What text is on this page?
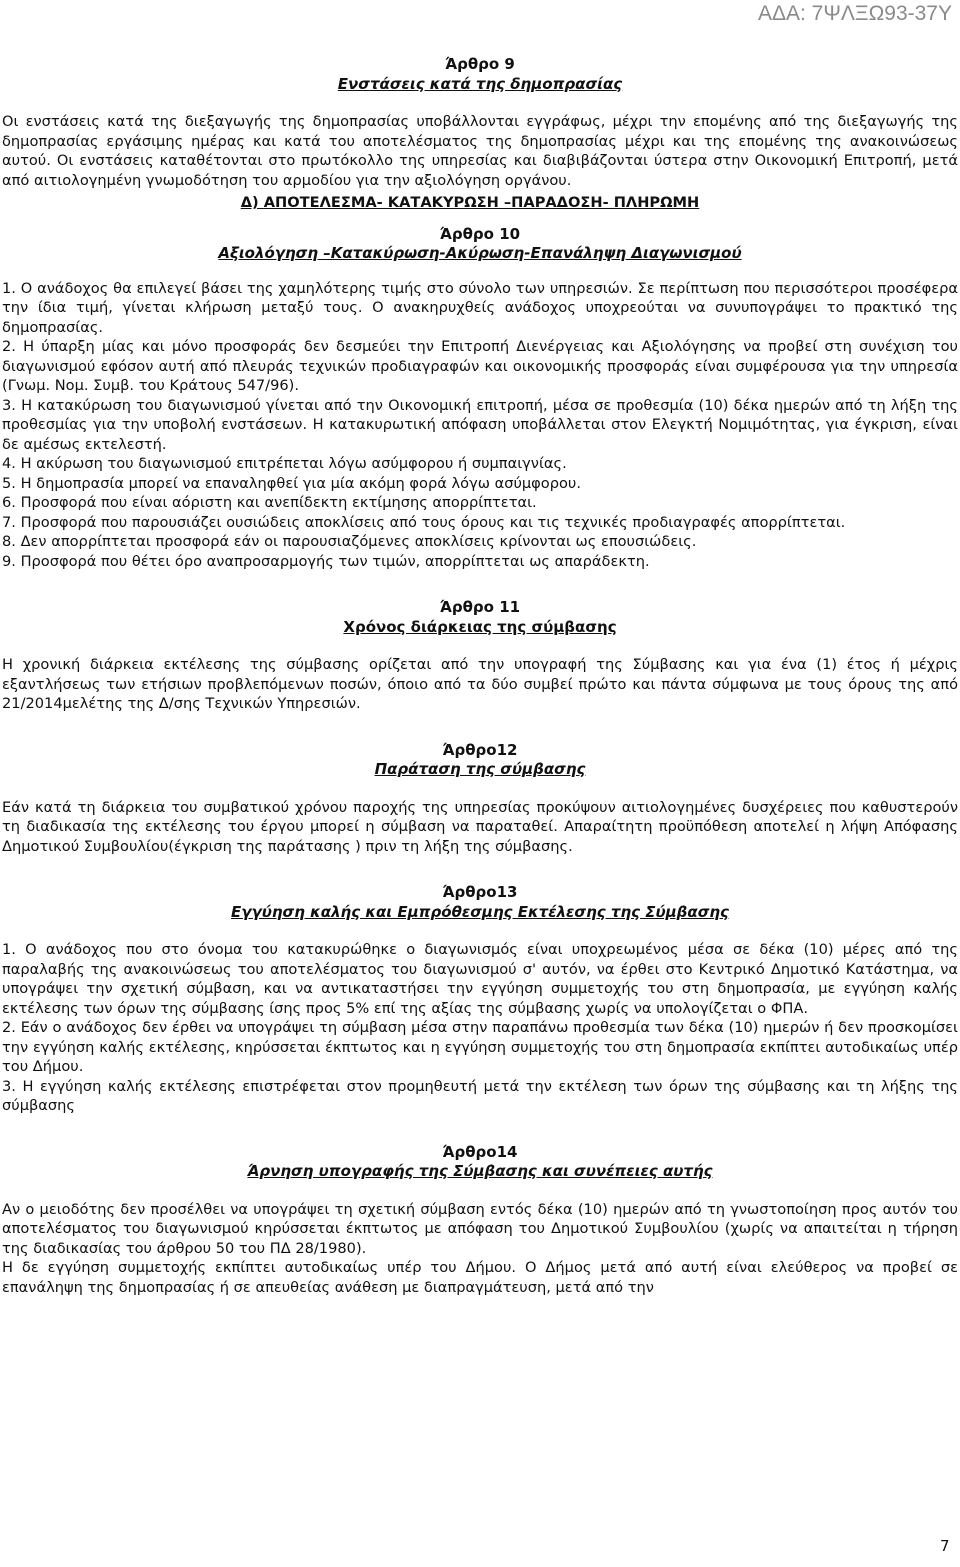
ΑΔΑ: 7ΨΛΞΩ93-37Υ
Άρθρο 9
Ενστάσεις κατά της δημοπρασίας

Οι ενστάσεις κατά της διεξαγωγής της δημοπρασίας υποβάλλονται εγγράφως, μέχρι την επομένης από της διεξαγωγής της δημοπρασίας εργάσιμης ημέρας και κατά του αποτελέσματος της δημοπρασίας μέχρι και της επομένης της ανακοινώσεως αυτού. Οι ενστάσεις καταθέτονται στο πρωτόκολλο της υπηρεσίας και διαβιβάζονται ύστερα στην Οικονομική Επιτροπή, μετά από αιτιολογημένη γνωμοδότηση του αρμοδίου για την αξιολόγηση οργάνου.

Δ) ΑΠΟΤΕΛΕΣΜΑ- ΚΑΤΑΚΥΡΩΣΗ –ΠΑΡΑΔΟΣΗ- ΠΛΗΡΩΜΗ
Άρθρο 10
Αξιολόγηση –Κατακύρωση-Ακύρωση-Επανάληψη Διαγωνισμού

1. Ο ανάδοχος θα επιλεγεί βάσει της χαμηλότερης τιμής στο σύνολο των υπηρεσιών. Σε περίπτωση που περισσότεροι προσέφερα την ίδια τιμή, γίνεται κλήρωση μεταξύ τους. Ο ανακηρυχθείς ανάδοχος υποχρεούται να συνυπογράψει το πρακτικό της δημοπρασίας.

2. Η ύπαρξη μίας και μόνο προσφοράς δεν δεσμεύει την Επιτροπή Διενέργειας και Αξιολόγησης να προβεί στη συνέχιση του διαγωνισμού εφόσον αυτή από πλευράς τεχνικών προδιαγραφών και οικονομικής προσφοράς είναι συμφέρουσα για την υπηρεσία (Γνωμ. Νομ. Συμβ. του Κράτους 547/96).

3. Η κατακύρωση του διαγωνισμού γίνεται από την Οικονομική επιτροπή, μέσα σε προθεσμία (10) δέκα ημερών από τη λήξη της προθεσμίας για την υποβολή ενστάσεων. Η κατακυρωτική απόφαση υποβάλλεται στον Ελεγκτή Νομιμότητας, για έγκριση, είναι δε αμέσως εκτελεστή.

4. Η ακύρωση του διαγωνισμού επιτρέπεται λόγω ασύμφορου ή συμπαιγνίας.

5. Η δημοπρασία μπορεί να επαναληφθεί για μία ακόμη φορά λόγω ασύμφορου.

6. Προσφορά που είναι αόριστη και ανεπίδεκτη εκτίμησης απορρίπτεται.

7. Προσφορά που παρουσιάζει ουσιώδεις αποκλίσεις από τους όρους και τις τεχνικές προδιαγραφές απορρίπτεται.

8. Δεν απορρίπτεται προσφορά εάν οι παρουσιαζόμενες αποκλίσεις κρίνονται ως επουσιώδεις.

9. Προσφορά που θέτει όρο αναπροσαρμογής των τιμών, απορρίπτεται ως απαράδεκτη.

Άρθρο 11
Χρόνος διάρκειας της σύμβασης

Η χρονική διάρκεια εκτέλεσης της σύμβασης ορίζεται από την υπογραφή της Σύμβασης και για ένα (1) έτος ή μέχρις εξαντλήσεως των ετήσιων προβλεπόμενων ποσών, όποιο από τα δύο συμβεί πρώτο και πάντα σύμφωνα με τους όρους της από 21/2014μελέτης της Δ/σης Τεχνικών Υπηρεσιών.

Άρθρο12
Παράταση της σύμβασης

Εάν κατά τη διάρκεια του συμβατικού χρόνου παροχής της υπηρεσίας προκύψουν αιτιολογημένες δυσχέρειες που καθυστερούν τη διαδικασία της εκτέλεσης του έργου μπορεί η σύμβαση να παραταθεί. Απαραίτητη προϋπόθεση αποτελεί η λήψη Απόφασης Δημοτικού Συμβουλίου(έγκριση της παράτασης ) πριν τη λήξη της σύμβασης.

Άρθρο13
Εγγύηση καλής και Εμπρόθεσμης Εκτέλεσης της Σύμβασης

1. Ο ανάδοχος που στο όνομα του κατακυρώθηκε ο διαγωνισμός είναι υποχρεωμένος μέσα σε δέκα (10) μέρες από της παραλαβής της ανακοινώσεως του αποτελέσματος του διαγωνισμού σ' αυτόν, να έρθει στο Κεντρικό Δημοτικό Κατάστημα, να υπογράψει την σχετική σύμβαση, και να αντικαταστήσει την εγγύηση συμμετοχής του στη δημοπρασία, με εγγύηση καλής εκτέλεσης των όρων της σύμβασης ίσης προς 5% επί της αξίας της σύμβασης χωρίς να υπολογίζεται ο ΦΠΑ.

2. Εάν ο ανάδοχος δεν έρθει να υπογράψει τη σύμβαση μέσα στην παραπάνω προθεσμία των δέκα (10) ημερών ή δεν προσκομίσει την εγγύηση καλής εκτέλεσης, κηρύσσεται έκπτωτος και η εγγύηση συμμετοχής του στη δημοπρασία εκπίπτει αυτοδικαίως υπέρ του Δήμου.

3. Η εγγύηση καλής εκτέλεσης επιστρέφεται στον προμηθευτή μετά την εκτέλεση των όρων της σύμβασης και τη λήξης της σύμβασης

Άρθρο14
Άρνηση υπογραφής της Σύμβασης και συνέπειες αυτής

Αν ο μειοδότης δεν προσέλθει να υπογράψει τη σχετική σύμβαση εντός δέκα (10) ημερών από τη γνωστοποίηση προς αυτόν του αποτελέσματος του διαγωνισμού κηρύσσεται έκπτωτος με απόφαση του Δημοτικού Συμβουλίου (χωρίς να απαιτείται η τήρηση της διαδικασίας του άρθρου 50 του ΠΔ 28/1980).

Η δε εγγύηση συμμετοχής εκπίπτει αυτοδικαίως υπέρ του Δήμου. Ο Δήμος μετά από αυτή είναι ελεύθερος να προβεί σε επανάληψη της δημοπρασίας ή σε απευθείας ανάθεση με διαπραγμάτευση, μετά από την

7
